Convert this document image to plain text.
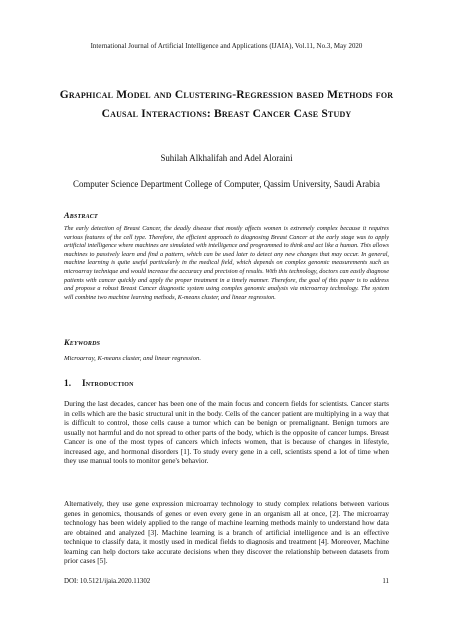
International Journal of Artificial Intelligence and Applications (IJAIA), Vol.11, No.3, May 2020
Graphical Model and Clustering-Regression based Methods for Causal Interactions: Breast Cancer Case Study
Suhilah Alkhalifah and Adel Aloraini
Computer Science Department College of Computer, Qassim University, Saudi Arabia
Abstract
The early detection of Breast Cancer, the deadly disease that mostly affects women is extremely complex because it requires various features of the cell type. Therefore, the efficient approach to diagnosing Breast Cancer at the early stage was to apply artificial intelligence where machines are simulated with intelligence and programmed to think and act like a human. This allows machines to passively learn and find a pattern, which can be used later to detect any new changes that may occur. In general, machine learning is quite useful particularly in the medical field, which depends on complex genomic measurements such as microarray technique and would increase the accuracy and precision of results. With this technology, doctors can easily diagnose patients with cancer quickly and apply the proper treatment in a timely manner. Therefore, the goal of this paper is to address and propose a robust Breast Cancer diagnostic system using complex genomic analysis via microarray technology. The system will combine two machine learning methods, K-means cluster, and linear regression.
Keywords
Microarray, K-means cluster, and linear regression.
1. Introduction
During the last decades, cancer has been one of the main focus and concern fields for scientists. Cancer starts in cells which are the basic structural unit in the body. Cells of the cancer patient are multiplying in a way that is difficult to control, those cells cause a tumor which can be benign or premalignant. Benign tumors are usually not harmful and do not spread to other parts of the body, which is the opposite of cancer lumps. Breast Cancer is one of the most types of cancers which infects women, that is because of changes in lifestyle, increased age, and hormonal disorders [1]. To study every gene in a cell, scientists spend a lot of time when they use manual tools to monitor gene's behavior.
Alternatively, they use gene expression microarray technology to study complex relations between various genes in genomics, thousands of genes or even every gene in an organism all at once, [2]. The microarray technology has been widely applied to the range of machine learning methods mainly to understand how data are obtained and analyzed [3]. Machine learning is a branch of artificial intelligence and is an effective technique to classify data, it mostly used in medical fields to diagnosis and treatment [4]. Moreover, Machine learning can help doctors take accurate decisions when they discover the relationship between datasets from prior cases [5].
DOI: 10.5121/ijaia.2020.11302	11
